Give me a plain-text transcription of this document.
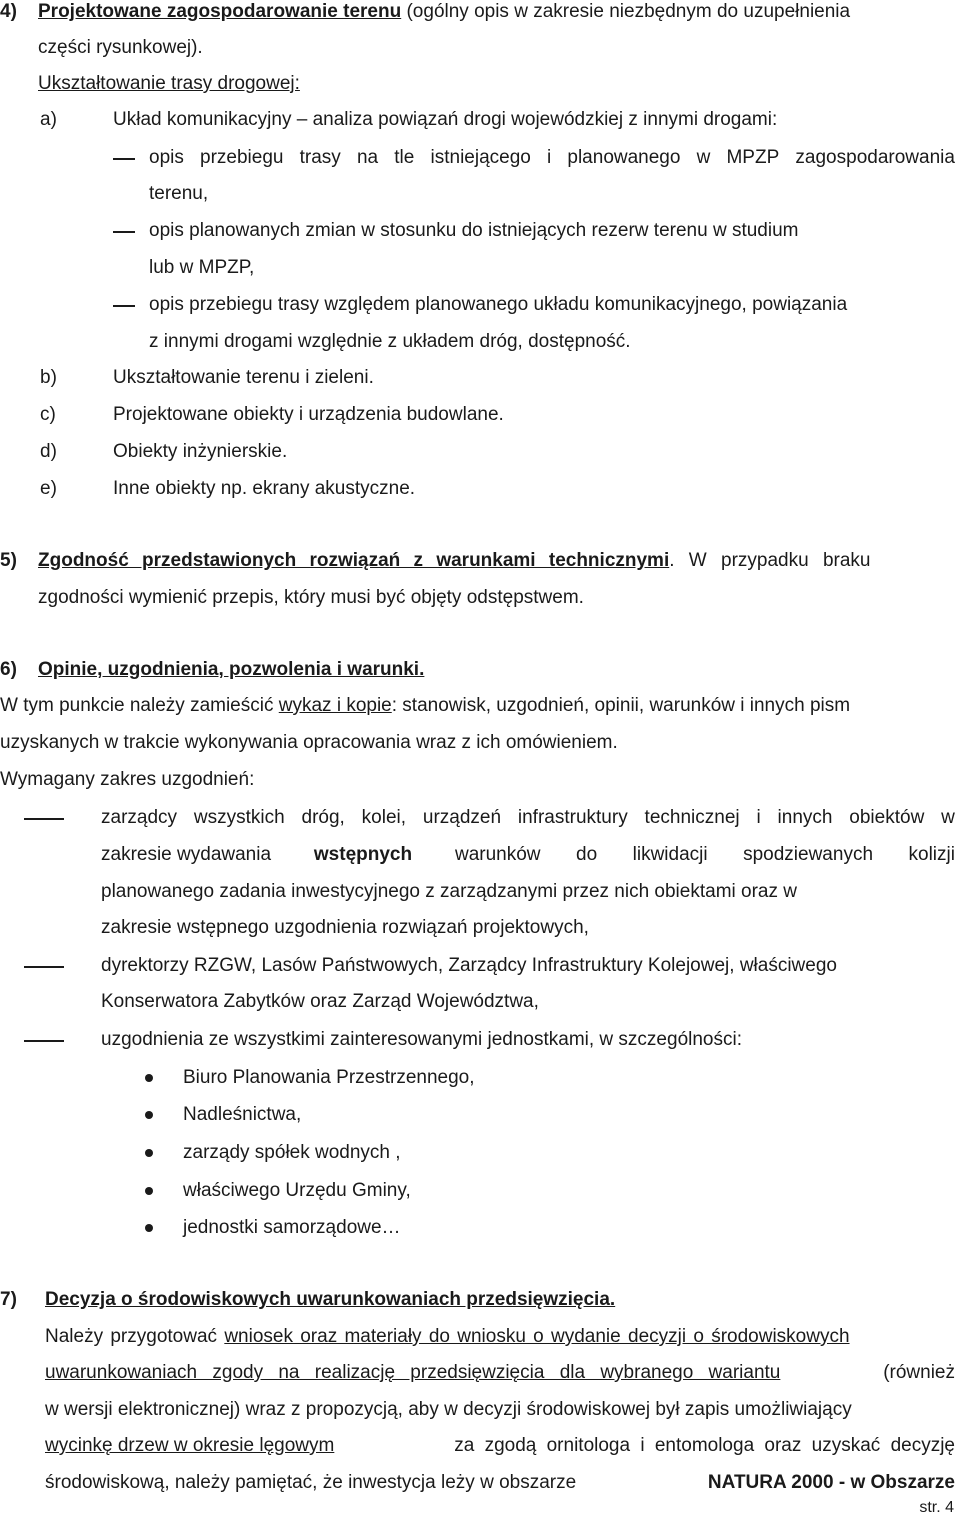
4) Projektowane zagospodarowanie terenu (ogólny opis w zakresie niezbędnym do uzupełnienia
części rysunkowej).
Ukształtowanie trasy drogowej:
a)	Układ komunikacyjny – analiza powiązań drogi wojewódzkiej z innymi drogami:
opis przebiegu trasy na tle istniejącego i planowanego w MPZP zagospodarowania
terenu,
opis planowanych zmian w stosunku do istniejących rezerw terenu w studium
lub w MPZP,
opis przebiegu trasy względem planowanego układu komunikacyjnego, powiązania
z innymi drogami względnie z układem dróg, dostępność.
b)	Ukształtowanie terenu i zieleni.
c)	Projektowane obiekty i urządzenia budowlane.
d)	Obiekty inżynierskie.
e)	Inne obiekty np. ekrany akustyczne.
5) Zgodność przedstawionych rozwiązań z warunkami technicznymi. W przypadku braku
zgodności wymienić przepis, który musi być objęty odstępstwem.
6) Opinie, uzgodnienia, pozwolenia i warunki.
W tym punkcie należy zamieścić wykaz i kopie: stanowisk, uzgodnień, opinii, warunków i innych pism
uzyskanych w trakcie wykonywania opracowania wraz z ich omówieniem.
Wymagany zakres uzgodnień:
zarządcy wszystkich dróg, kolei, urządzeń infrastruktury technicznej i innych obiektów w
zakresie wydawania wstępnych warunków do likwidacji spodziewanych kolizji
planowanego zadania inwestycyjnego z zarządzanymi przez nich obiektami oraz w
zakresie wstępnego uzgodnienia rozwiązań projektowych,
dyrektorzy RZGW, Lasów Państwowych, Zarządcy Infrastruktury Kolejowej, właściwego
Konserwatora Zabytków oraz Zarząd Województwa,
uzgodnienia ze wszystkimi zainteresowanymi jednostkami, w szczególności:
Biuro Planowania Przestrzennego,
Nadleśnictwa,
zarządy spółek wodnych ,
właściwego Urzędu Gminy,
jednostki samorządowe…
7) Decyzja o środowiskowych uwarunkowaniach przedsięwzięcia.
Należy przygotować wniosek oraz materiały do wniosku o wydanie decyzji o środowiskowych
uwarunkowaniach zgody na realizację przedsięwzięcia dla wybranego wariantu	(również
w wersji elektronicznej) wraz z propozycją, aby w decyzji środowiskowej był zapis umożliwiający
wycinkę drzew w okresie lęgowym	za zgodą ornitologa i entomologa oraz uzyskać decyzję
środowiskową, należy pamiętać, że inwestycja leży w obszarze	NATURA 2000 - w Obszarze
str. 4
